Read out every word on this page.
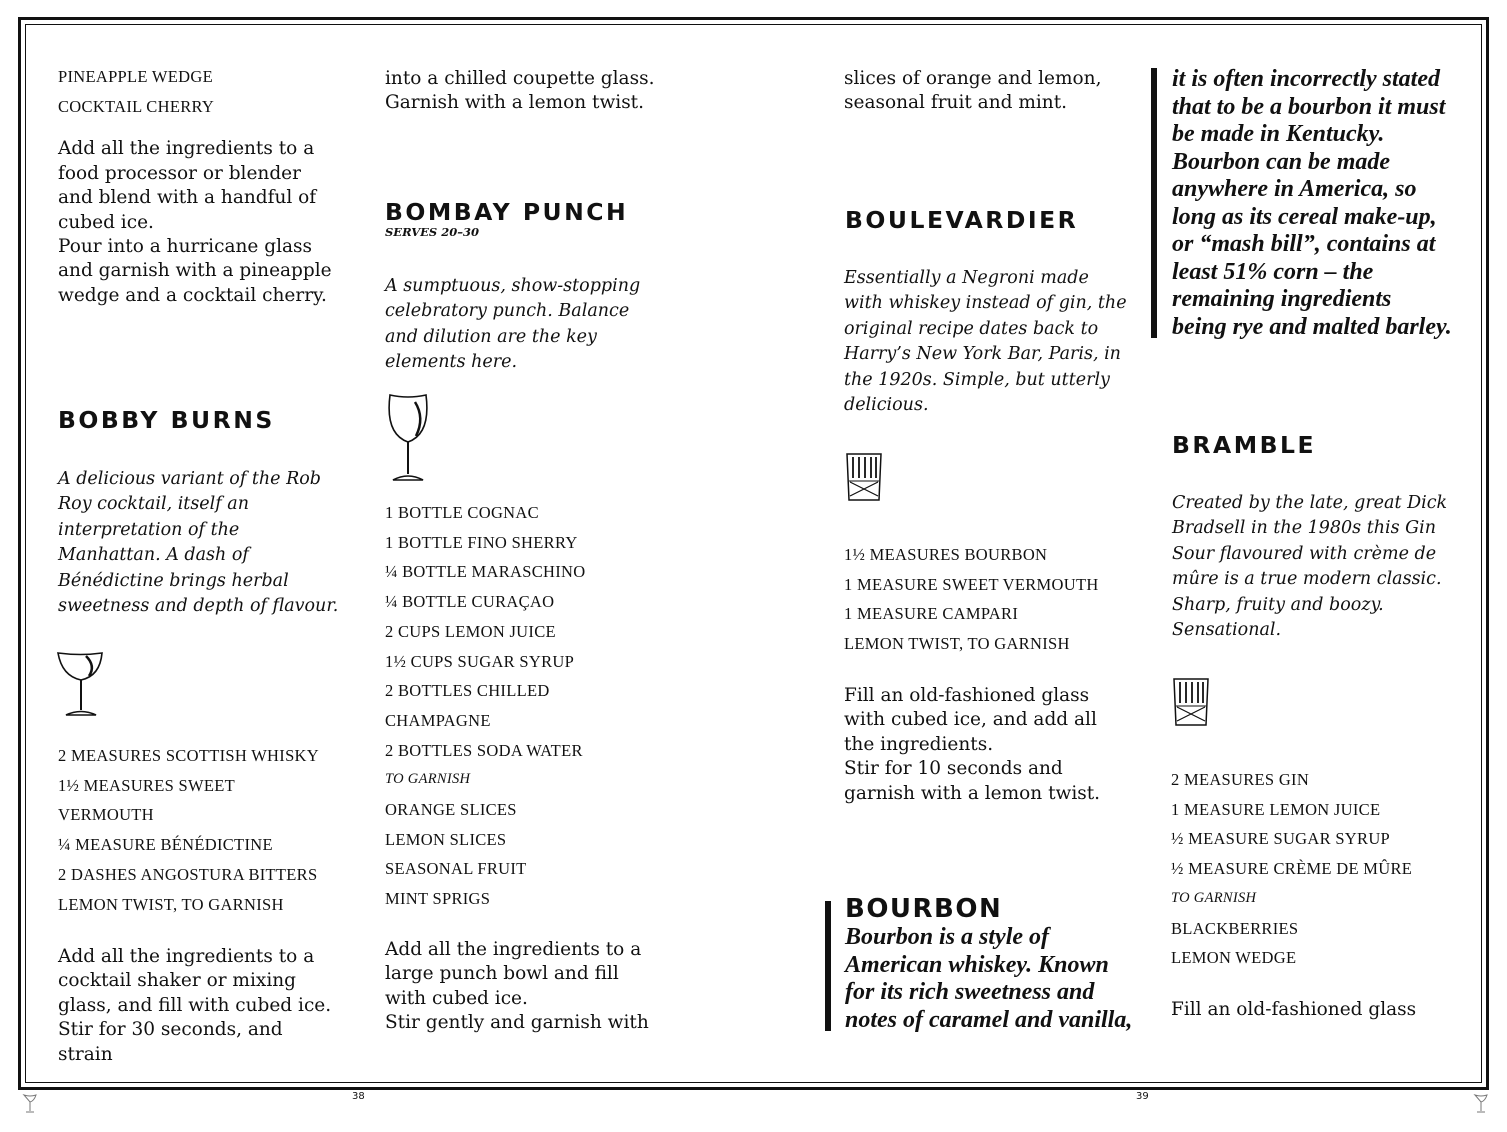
PINEAPPLE WEDGE
COCKTAIL CHERRY

Add all the ingredients to a food processor or blender and blend with a handful of cubed ice.

Pour into a hurricane glass and garnish with a pineapple wedge and a cocktail cherry.

BOBBY BURNS
A delicious variant of the Rob Roy cocktail, itself an interpretation of the Manhattan. A dash of Bénédictine brings herbal sweetness and depth of flavour.
2 MEASURES SCOTTISH WHISKY
1½ MEASURES SWEET
VERMOUTH
¼ MEASURE BÉNÉDICTINE
2 DASHES ANGOSTURA BITTERS
LEMON TWIST, TO GARNISH

Add all the ingredients to a cocktail shaker or mixing glass, and fill with cubed ice.

Stir for 30 seconds, and strain

into a chilled coupette glass.

Garnish with a lemon twist.

BOMBAY PUNCH
SERVES 20–30
A sumptuous, show-stopping celebratory punch. Balance and dilution are the key elements here.
1 BOTTLE COGNAC
1 BOTTLE FINO SHERRY
¼ BOTTLE MARASCHINO
¼ BOTTLE CURAÇAO
2 CUPS LEMON JUICE
1½ CUPS SUGAR SYRUP
2 BOTTLES CHILLED
CHAMPAGNE
2 BOTTLES SODA WATER
TO GARNISH
ORANGE SLICES
LEMON SLICES
SEASONAL FRUIT
MINT SPRIGS

Add all the ingredients to a large punch bowl and fill with cubed ice.

Stir gently and garnish with

slices of orange and lemon,

seasonal fruit and mint.

BOULEVARDIER
Essentially a Negroni made with whiskey instead of gin, the original recipe dates back to Harry’s New York Bar, Paris, in the 1920s. Simple, but utterly delicious.
1½ MEASURES BOURBON
1 MEASURE SWEET VERMOUTH
1 MEASURE CAMPARI
LEMON TWIST, TO GARNISH

Fill an old-fashioned glass with cubed ice, and add all the ingredients.

Stir for 10 seconds and garnish with a lemon twist.

BOURBON
Bourbon is a style of American whiskey. Known for its rich sweetness and notes of caramel and vanilla,
it is often incorrectly stated that to be a bourbon it must be made in Kentucky. Bourbon can be made anywhere in America, so long as its cereal make-up, or “mash bill”, contains at least 51% corn – the remaining ingredients being rye and malted barley.
BRAMBLE
Created by the late, great Dick Bradsell in the 1980s this Gin Sour flavoured with crème de mûre is a true modern classic. Sharp, fruity and boozy. Sensational.
2 MEASURES GIN
1 MEASURE LEMON JUICE
½ MEASURE SUGAR SYRUP
½ MEASURE CRÈME DE MÛRE
TO GARNISH
BLACKBERRIES
LEMON WEDGE
Fill an old-fashioned glass
38	39
